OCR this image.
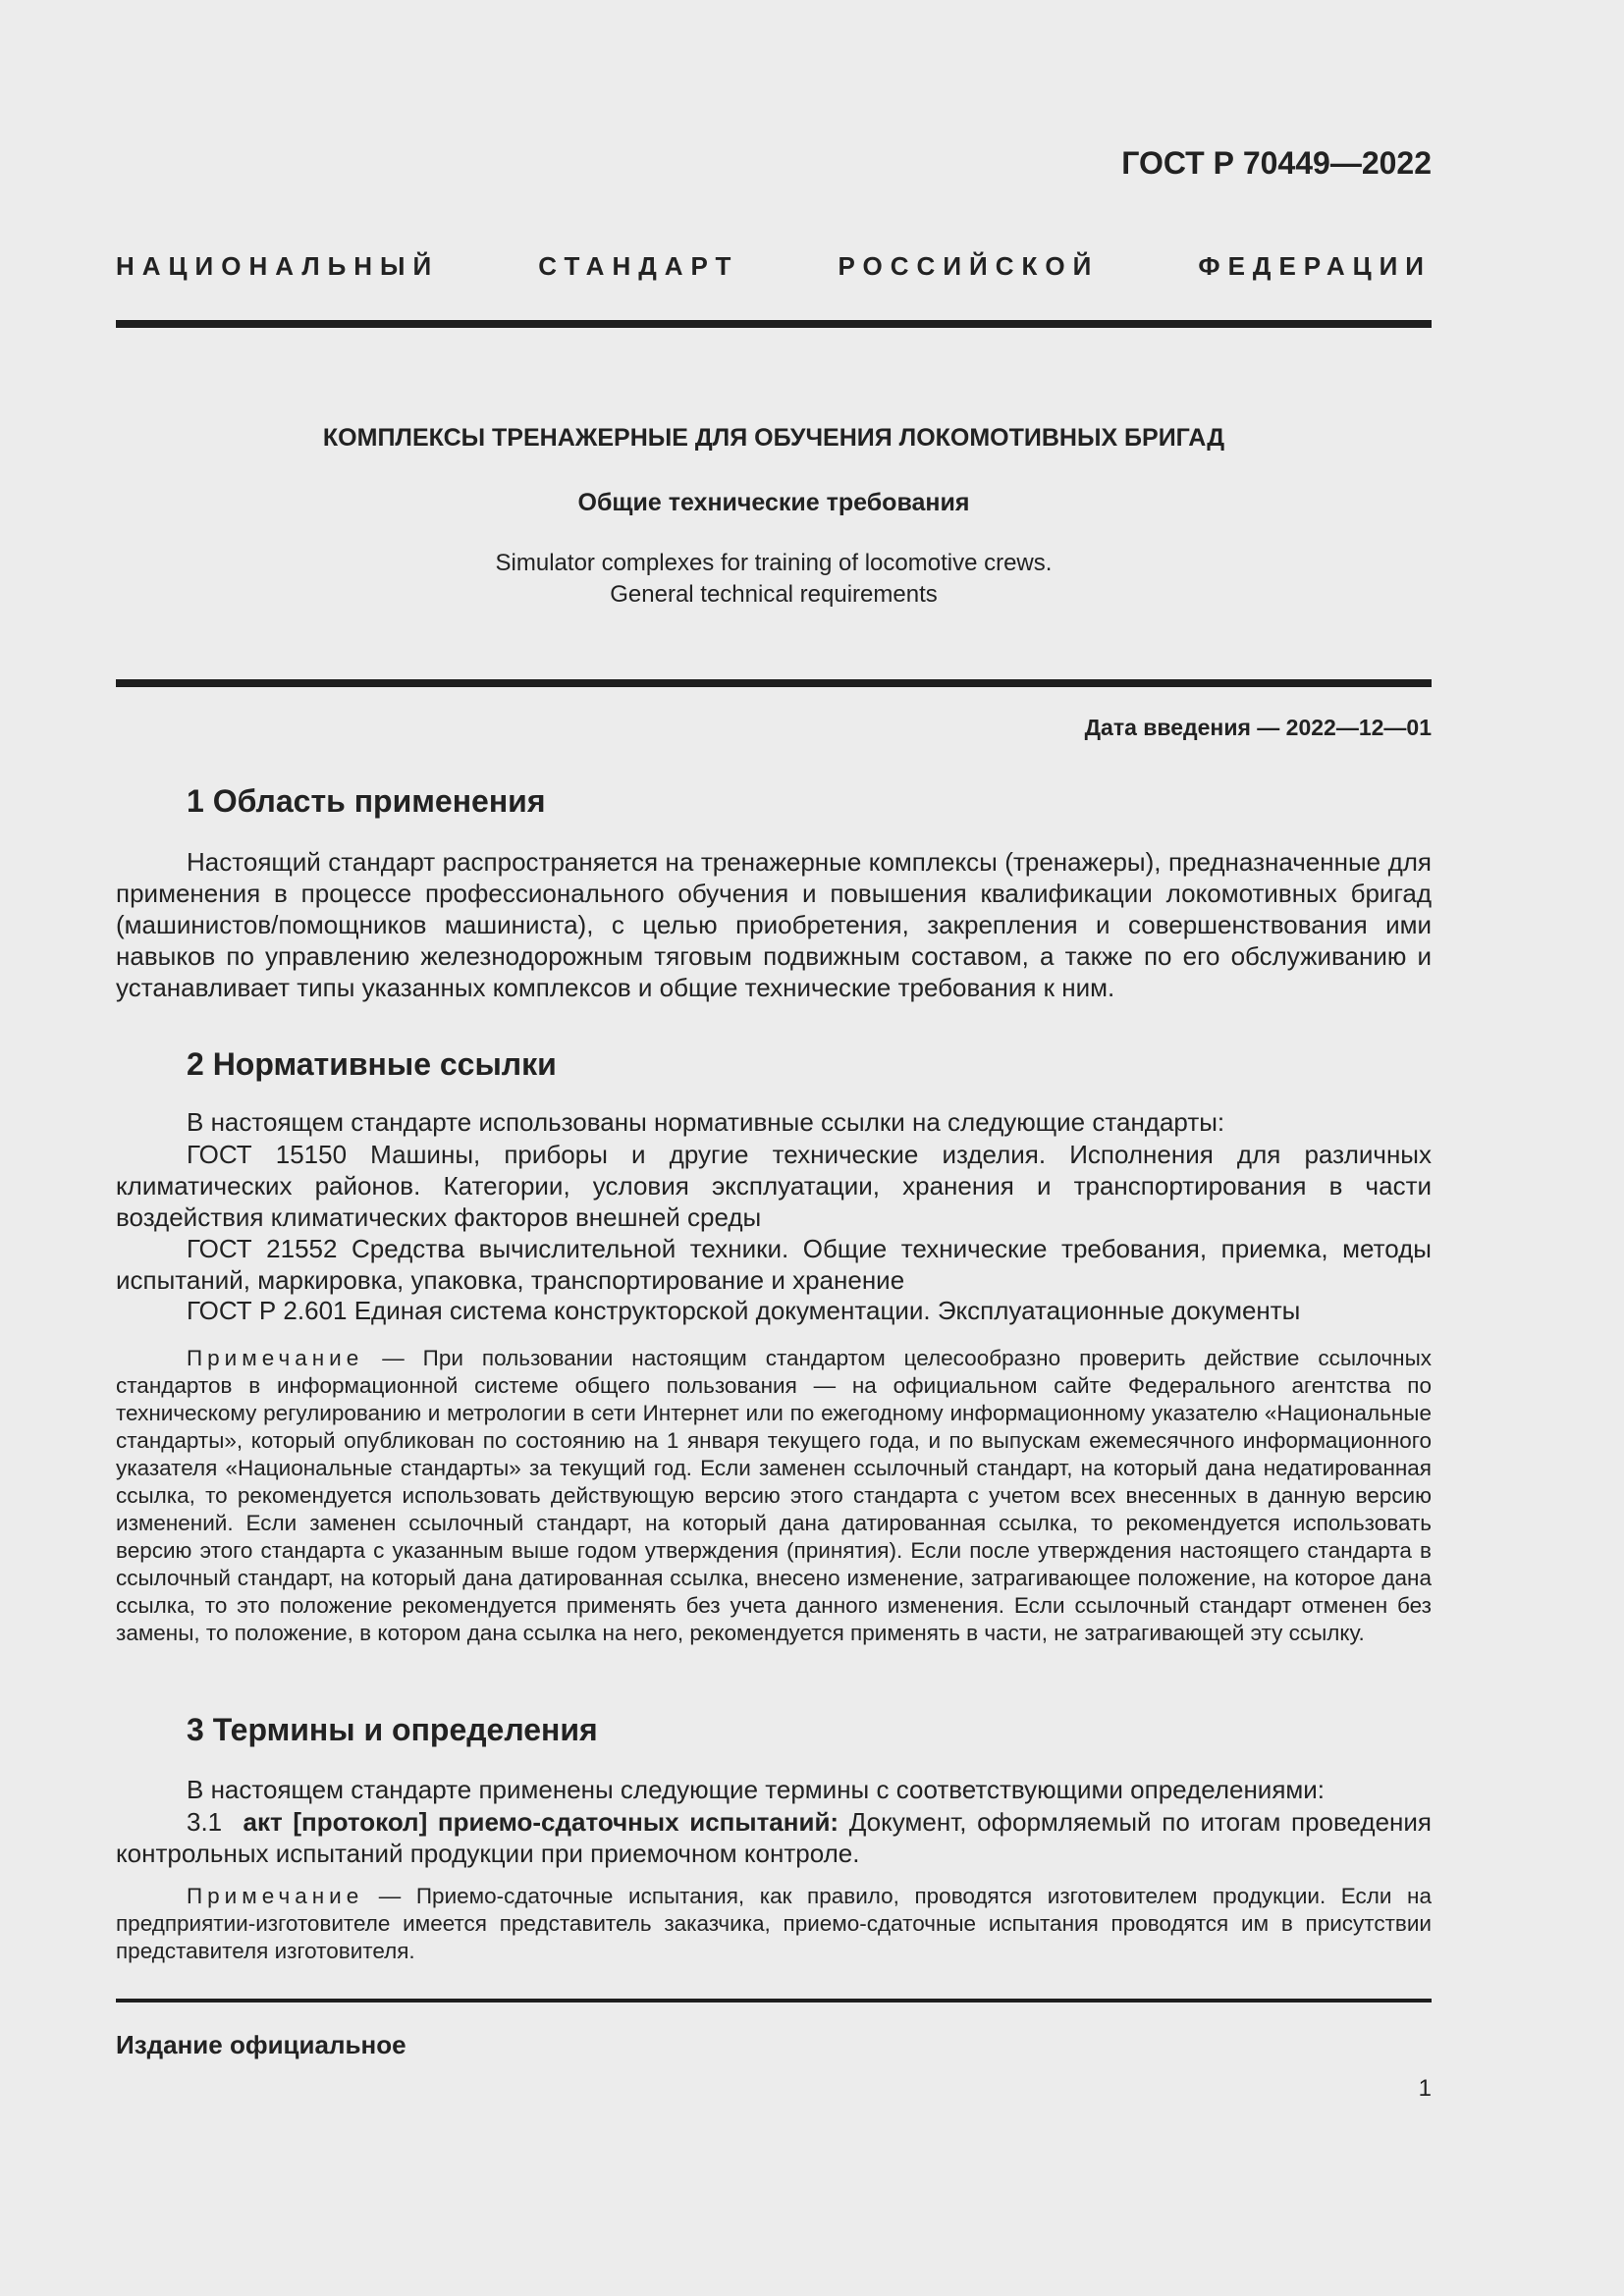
ГОСТ Р 70449—2022
НАЦИОНАЛЬНЫЙ СТАНДАРТ РОССИЙСКОЙ ФЕДЕРАЦИИ
КОМПЛЕКСЫ ТРЕНАЖЕРНЫЕ ДЛЯ ОБУЧЕНИЯ ЛОКОМОТИВНЫХ БРИГАД
Общие технические требования
Simulator complexes for training of locomotive crews.
General technical requirements
Дата введения — 2022—12—01
1 Область применения
Настоящий стандарт распространяется на тренажерные комплексы (тренажеры), предназначенные для применения в процессе профессионального обучения и повышения квалификации локомотивных бригад (машинистов/помощников машиниста), с целью приобретения, закрепления и совершенствования ими навыков по управлению железнодорожным тяговым подвижным составом, а также по его обслуживанию и устанавливает типы указанных комплексов и общие технические требования к ним.
2 Нормативные ссылки
В настоящем стандарте использованы нормативные ссылки на следующие стандарты:
ГОСТ 15150 Машины, приборы и другие технические изделия. Исполнения для различных климатических районов. Категории, условия эксплуатации, хранения и транспортирования в части воздействия климатических факторов внешней среды
ГОСТ 21552 Средства вычислительной техники. Общие технические требования, приемка, методы испытаний, маркировка, упаковка, транспортирование и хранение
ГОСТ Р 2.601 Единая система конструкторской документации. Эксплуатационные документы
Примечание — При пользовании настоящим стандартом целесообразно проверить действие ссылочных стандартов в информационной системе общего пользования — на официальном сайте Федерального агентства по техническому регулированию и метрологии в сети Интернет или по ежегодному информационному указателю «Национальные стандарты», который опубликован по состоянию на 1 января текущего года, и по выпускам ежемесячного информационного указателя «Национальные стандарты» за текущий год. Если заменен ссылочный стандарт, на который дана недатированная ссылка, то рекомендуется использовать действующую версию этого стандарта с учетом всех внесенных в данную версию изменений. Если заменен ссылочный стандарт, на который дана датированная ссылка, то рекомендуется использовать версию этого стандарта с указанным выше годом утверждения (принятия). Если после утверждения настоящего стандарта в ссылочный стандарт, на который дана датированная ссылка, внесено изменение, затрагивающее положение, на которое дана ссылка, то это положение рекомендуется применять без учета данного изменения. Если ссылочный стандарт отменен без замены, то положение, в котором дана ссылка на него, рекомендуется применять в части, не затрагивающей эту ссылку.
3 Термины и определения
В настоящем стандарте применены следующие термины с соответствующими определениями:
3.1 акт [протокол] приемо-сдаточных испытаний: Документ, оформляемый по итогам проведения контрольных испытаний продукции при приемочном контроле.
Примечание — Приемо-сдаточные испытания, как правило, проводятся изготовителем продукции. Если на предприятии-изготовителе имеется представитель заказчика, приемо-сдаточные испытания проводятся им в присутствии представителя изготовителя.
Издание официальное
1
